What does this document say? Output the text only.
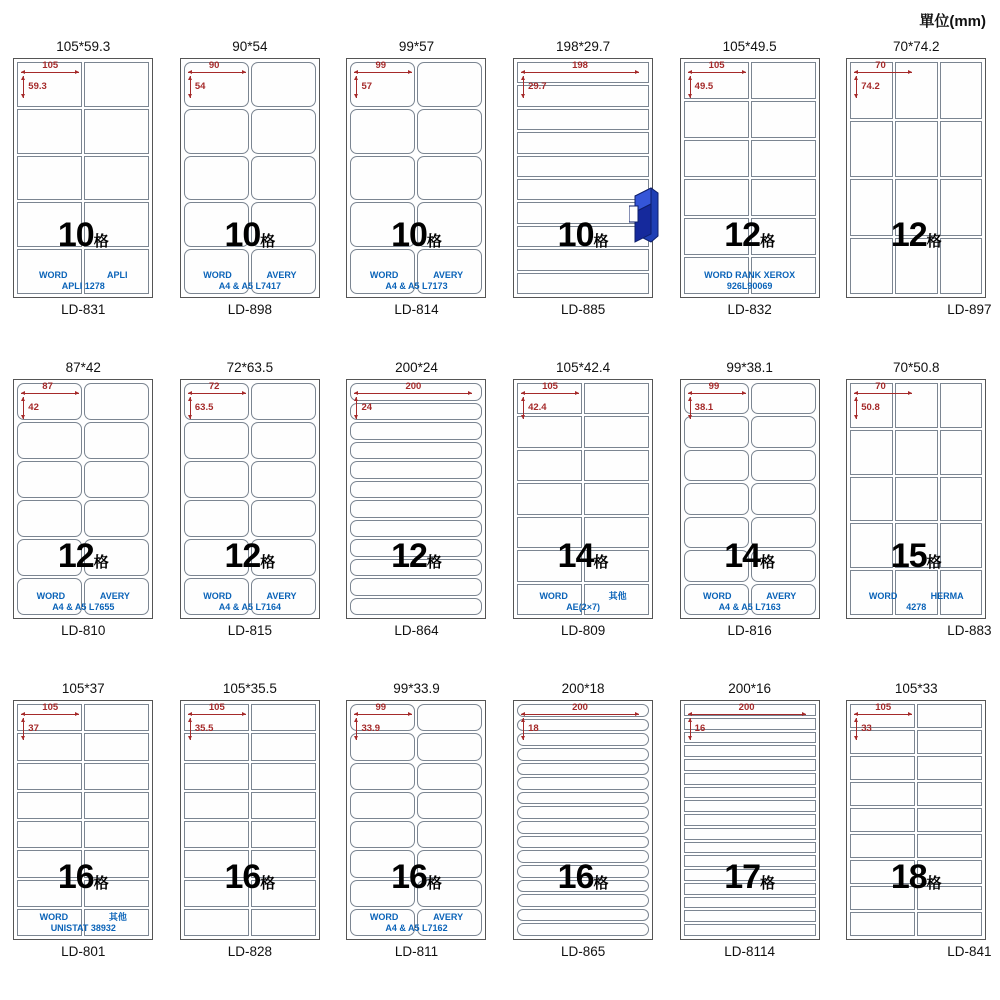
單位(mm)
105*59.3
105
59.3
10格
WORD	APLI
APLI 1278
LD-831
90*54
90
54
10格
WORD	AVERY
A4 & A5 L7417
LD-898
99*57
99
57
10格
WORD	AVERY
A4 & A5 L7173
LD-814
198*29.7
198
29.7
10格
LD-885
105*49.5
105
49.5
12格
WORD RANK XEROX
926L90069
LD-832
70*74.2
70
74.2
12格
LD-897
87*42
87
42
12格
WORD	AVERY
A4 & A5 L7655
LD-810
72*63.5
72
63.5
12格
WORD	AVERY
A4 & A5 L7164
LD-815
200*24
200
24
12格
LD-864
105*42.4
105
42.4
14格
WORD	其他
AE(2×7)
LD-809
99*38.1
99
38.1
14格
WORD	AVERY
A4 & A5 L7163
LD-816
70*50.8
70
50.8
15格
WORD	HERMA
4278
LD-883
105*37
105
37
16格
WORD	其他
UNISTAT 38932
LD-801
105*35.5
105
35.5
16格
LD-828
99*33.9
99
33.9
16格
WORD	AVERY
A4 & A5 L7162
LD-811
200*18
200
18
16格
LD-865
200*16
200
16
17格
LD-8114
105*33
105
33
18格
LD-841
